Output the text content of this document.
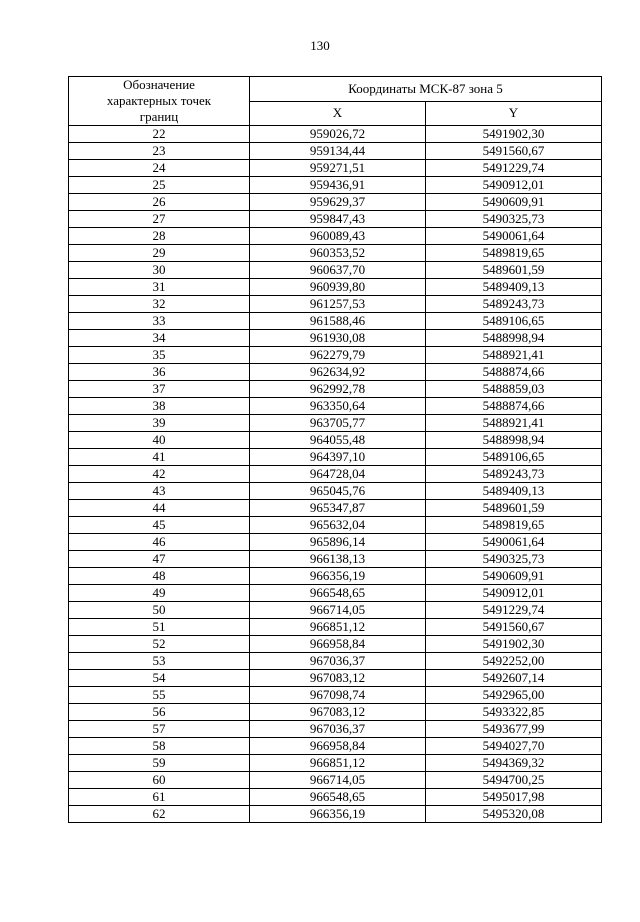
130
Обозначение
характерных точек
границ	Координаты МСК-87 зона 5	
	X	Y
22	959026,72	5491902,30
23	959134,44	5491560,67
24	959271,51	5491229,74
25	959436,91	5490912,01
26	959629,37	5490609,91
27	959847,43	5490325,73
28	960089,43	5490061,64
29	960353,52	5489819,65
30	960637,70	5489601,59
31	960939,80	5489409,13
32	961257,53	5489243,73
33	961588,46	5489106,65
34	961930,08	5488998,94
35	962279,79	5488921,41
36	962634,92	5488874,66
37	962992,78	5488859,03
38	963350,64	5488874,66
39	963705,77	5488921,41
40	964055,48	5488998,94
41	964397,10	5489106,65
42	964728,04	5489243,73
43	965045,76	5489409,13
44	965347,87	5489601,59
45	965632,04	5489819,65
46	965896,14	5490061,64
47	966138,13	5490325,73
48	966356,19	5490609,91
49	966548,65	5490912,01
50	966714,05	5491229,74
51	966851,12	5491560,67
52	966958,84	5491902,30
53	967036,37	5492252,00
54	967083,12	5492607,14
55	967098,74	5492965,00
56	967083,12	5493322,85
57	967036,37	5493677,99
58	966958,84	5494027,70
59	966851,12	5494369,32
60	966714,05	5494700,25
61	966548,65	5495017,98
62	966356,19	5495320,08
